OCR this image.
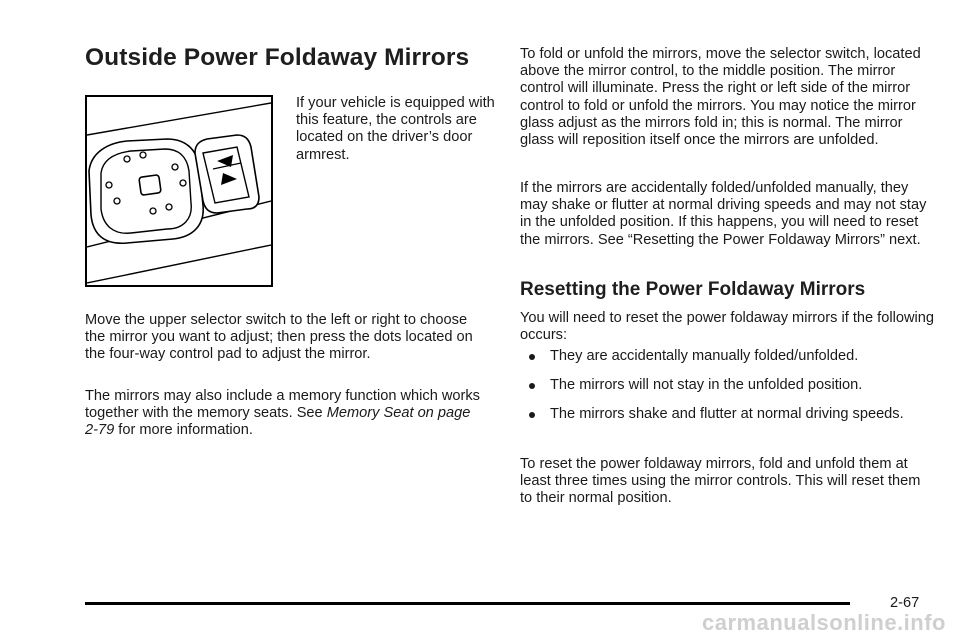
Outside Power Foldaway Mirrors

If your vehicle is equipped with this feature, the controls are located on the driver’s door armrest.

Move the upper selector switch to the left or right to choose the mirror you want to adjust; then press the dots located on the four-way control pad to adjust the mirror.

The mirrors may also include a memory function which works together with the memory seats. See Memory Seat on page 2-79 for more information.

To fold or unfold the mirrors, move the selector switch, located above the mirror control, to the middle position. The mirror control will illuminate. Press the right or left side of the mirror control to fold or unfold the mirrors. You may notice the mirror glass adjust as the mirrors fold in; this is normal. The mirror glass will reposition itself once the mirrors are unfolded.

If the mirrors are accidentally folded/unfolded manually, they may shake or flutter at normal driving speeds and may not stay in the unfolded position. If this happens, you will need to reset the mirrors. See “Resetting the Power Foldaway Mirrors” next.

Resetting the Power Foldaway Mirrors

You will need to reset the power foldaway mirrors if the following occurs:

They are accidentally manually folded/unfolded.
The mirrors will not stay in the unfolded position.
The mirrors shake and flutter at normal driving speeds.

To reset the power foldaway mirrors, fold and unfold them at least three times using the mirror controls. This will reset them to their normal position.

2-67
carmanualsonline.info
